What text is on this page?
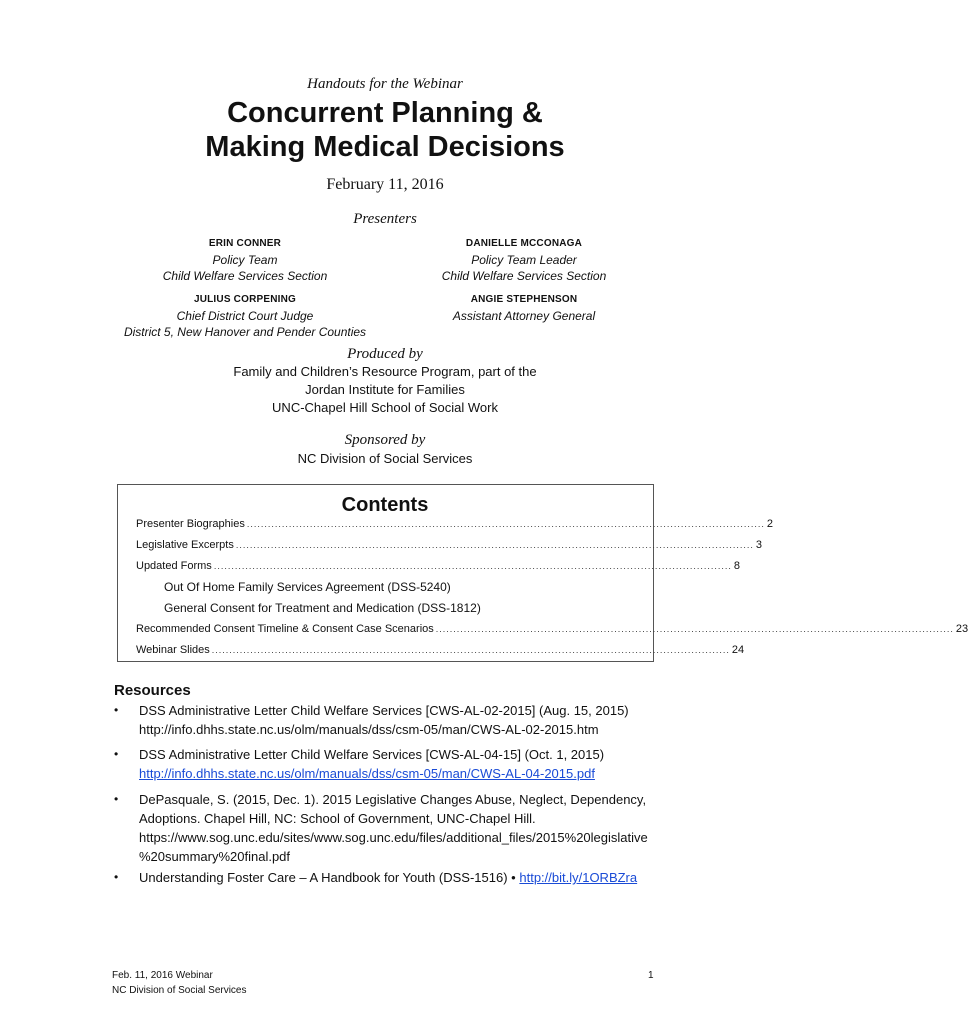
Handouts for the Webinar
Concurrent Planning &
Making Medical Decisions
February 11, 2016
Presenters
ERIN CONNER
Policy Team
Child Welfare Services Section
DANIELLE MCCONAGA
Policy Team Leader
Child Welfare Services Section
JULIUS CORPENING
Chief District Court Judge
District 5, New Hanover and Pender Counties
ANGIE STEPHENSON
Assistant Attorney General
Produced by
Family and Children’s Resource Program, part of the
Jordan Institute for Families
UNC-Chapel Hill School of Social Work
Sponsored by
NC Division of Social Services
Contents
Presenter Biographies .................................................................................................................................................... 2
Legislative Excerpts .................................................................................................................................................... 3
Updated Forms .................................................................................................................................................... 8
Out Of Home Family Services Agreement (DSS-5240)
General Consent for Treatment and Medication (DSS-1812)
Recommended Consent Timeline & Consent Case Scenarios .................................................................................................................................................... 23
Webinar Slides .................................................................................................................................................... 24
Resources
• DSS Administrative Letter Child Welfare Services [CWS-AL-02-2015] (Aug. 15, 2015)
http://info.dhhs.state.nc.us/olm/manuals/dss/csm-05/man/CWS-AL-02-2015.htm
• DSS Administrative Letter Child Welfare Services [CWS-AL-04-15] (Oct. 1, 2015)
http://info.dhhs.state.nc.us/olm/manuals/dss/csm-05/man/CWS-AL-04-2015.pdf
• DePasquale, S. (2015, Dec. 1). 2015 Legislative Changes Abuse, Neglect, Dependency,
Adoptions. Chapel Hill, NC: School of Government, UNC-Chapel Hill.
https://www.sog.unc.edu/sites/www.sog.unc.edu/files/additional_files/2015%20legislative
%20summary%20final.pdf
• Understanding Foster Care – A Handbook for Youth (DSS-1516) • http://bit.ly/1ORBZra
Feb. 11, 2016 Webinar
NC Division of Social Services
1
